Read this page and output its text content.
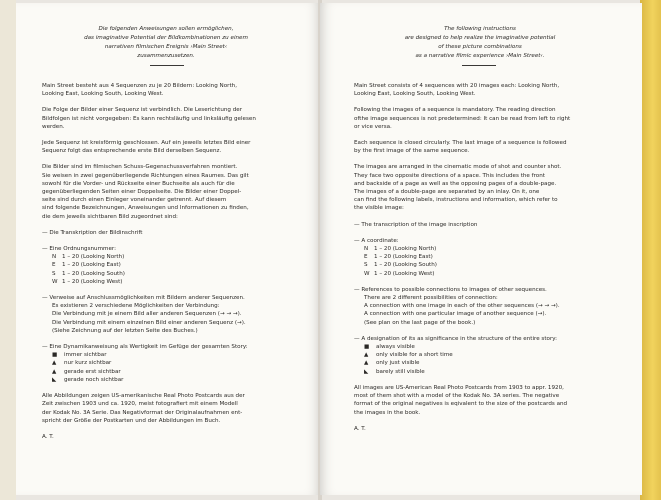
Die folgenden Anweisungen sollen ermöglichen,
das imaginative Potential der Bildkombinationen zu einem
narrativen filmischen Ereignis ›Main Street‹
zusammenzusetzen.
Main Street besteht aus 4 Sequenzen zu je 20 Bildern: Looking North,
Looking East, Looking South, Looking West.
Die Folge der Bilder einer Sequenz ist verbindlich. Die Leserichtung der
Bildfolgen ist nicht vorgegeben: Es kann rechtsläufig und linksläufig gelesen
werden.
Jede Sequenz ist kreisförmig geschlossen. Auf ein jeweils letztes Bild einer
Sequenz folgt das entsprechende erste Bild derselben Sequenz.
Die Bilder sind im filmischen Schuss-Gegenschussverfahren montiert.
Sie weisen in zwei gegenüberliegende Richtungen eines Raumes. Das gilt
sowohl für die Vorder- und Rückseite einer Buchseite als auch für die
gegenüberliegenden Seiten einer Doppelseite. Die Bilder einer Doppel-
seite sind durch einen Einleger voneinander getrennt. Auf diesem
sind folgende Bezeichnungen, Anweisungen und Informationen zu finden,
die dem jeweils sichtbaren Bild zugeordnet sind:
— Die Transkription der Bildinschrift
— Eine Ordnungsnummer:
N	1 – 20 (Looking North)
E	1 – 20 (Looking East)
S	1 – 20 (Looking South)
W 1 – 20 (Looking West)
— Verweise auf Anschlussmöglichkeiten mit Bildern anderer Sequenzen.
Es existieren 2 verschiedene Möglichkeiten der Verbindung:
Die Verbindung mit je einem Bild aller anderen Sequenzen (→ → →).
Die Verbindung mit einem einzelnen Bild einer anderen Sequenz (→).
(Siehe Zeichnung auf der letzten Seite des Buches.)
— Eine Dynamikanweisung als Wertigkeit im Gefüge der gesamten Story:
■ immer sichtbar
▲ nur kurz sichtbar
▲ gerade erst sichtbar
◣ gerade noch sichtbar
Alle Abbildungen zeigen US-amerikanische Real Photo Postcards aus der
Zeit zwischen 1903 und ca. 1920, meist fotografiert mit einem Modell
der Kodak No. 3A Serie. Das Negativformat der Originalaufnahmen ent-
spricht der Größe der Postkarten und der Abbildungen im Buch.
A. T.
The following instructions
are designed to help realize the imaginative potential
of these picture combinations
as a narrative filmic experience ›Main Street‹.
Main Street consists of 4 sequences with 20 images each: Looking North,
Looking East, Looking South, Looking West.
Following the images of a sequence is mandatory. The reading direction
ofthe image sequences is not predetermined: It can be read from left to right
or vice versa.
Each sequence is closed circularly. The last image of a sequence is followed
by the first image of the same sequence.
The images are arranged in the cinematic mode of shot and counter shot.
They face two opposite directions of a space. This includes the front
and backside of a page as well as the opposing pages of a double-page.
The images of a double-page are separated by an inlay. On it, one
can find the following labels, instructions and information, which refer to
the visible image:
— The transcription of the image inscription
— A coordinate:
N	1 – 20 (Looking North)
E	1 – 20 (Looking East)
S	1 – 20 (Looking South)
W 1 – 20 (Looking West)
— References to possible connections to images of other sequences.
There are 2 different possibilities of connection:
A connection with one image in each of the other sequences (→ → →).
A connection with one particular image of another sequence (→).
(See plan on the last page of the book.)
— A designation of its as significance in the structure of the entire story:
■ always visible
▲ only visible for a short time
▲ only just visible
◣ barely still visible
All images are US-American Real Photo Postcards from 1903 to appr. 1920,
most of them shot with a model of the Kodak No. 3A series. The negative
format of the original negatives is eqivalent to the size of the postcards and
the images in the book.
A. T.
